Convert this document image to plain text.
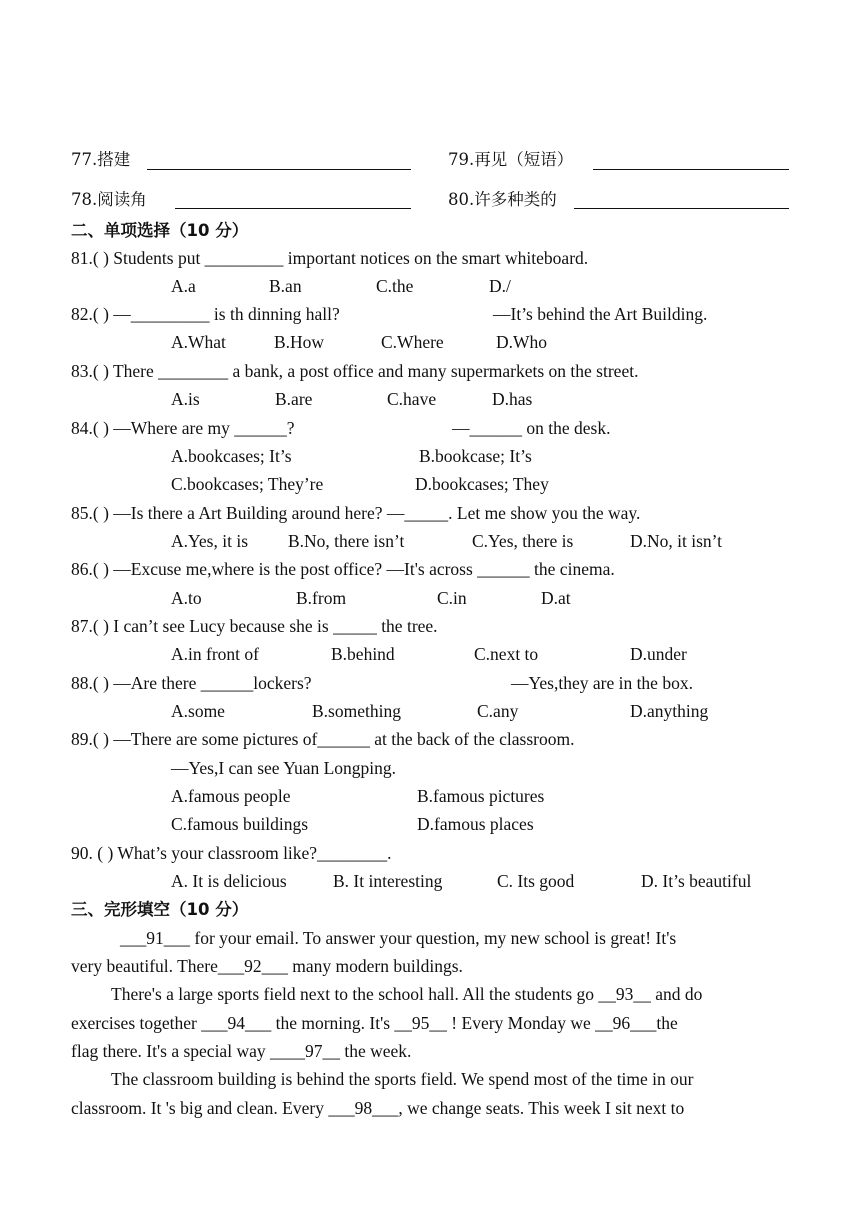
77.搭建	79.再见（短语）
78.阅读角	80.许多种类的
二、单项选择（10 分）
81.( ) Students put _________ important notices on the smart whiteboard.
A.a	B.an	C.the	D./
82.( ) —_________ is th dinning hall?	—It’s behind the Art Building.
A.What	B.How	C.Where	D.Who
83.( ) There ________ a bank, a post office and many supermarkets on the street.
A.is	B.are	C.have	D.has
84.( ) —Where are my ______?	—______ on the desk.
A.bookcases; It’s	B.bookcase; It’s
C.bookcases; They’re	D.bookcases; They
85.( ) —Is there a Art Building around here? —_____. Let me show you the way.
A.Yes, it is B.No, there isn’t	C.Yes, there is	D.No, it isn’t
86.( ) —Excuse me,where is the post office? —It's across ______ the cinema.
A.to	B.from	C.in	D.at
87.( ) I can’t see Lucy because she is _____ the tree.
A.in front of	B.behind	C.next to	D.under
88.( ) —Are there ______lockers?	—Yes,they are in the box.
A.some	B.something	C.any	D.anything
89.( ) —There are some pictures of______ at the back of the classroom.
—Yes,I can see Yuan Longping.
A.famous people	B.famous pictures
C.famous buildings	D.famous places
90. ( ) What’s your classroom like?________.
A. It is delicious	B. It interesting	C. Its good	D. It’s beautiful
三、完形填空（10 分）
___91___ for your email. To answer your question, my new school is great! It's
very beautiful. There___92___ many modern buildings.
There's a large sports field next to the school hall. All the students go __93__ and do
exercises together ___94___ the morning. It's __95__ ! Every Monday we __96___the
flag there. It's a special way ____97__ the week.
The classroom building is behind the sports field. We spend most of the time in our
classroom. It 's big and clean. Every ___98___, we change seats. This week I sit next to
